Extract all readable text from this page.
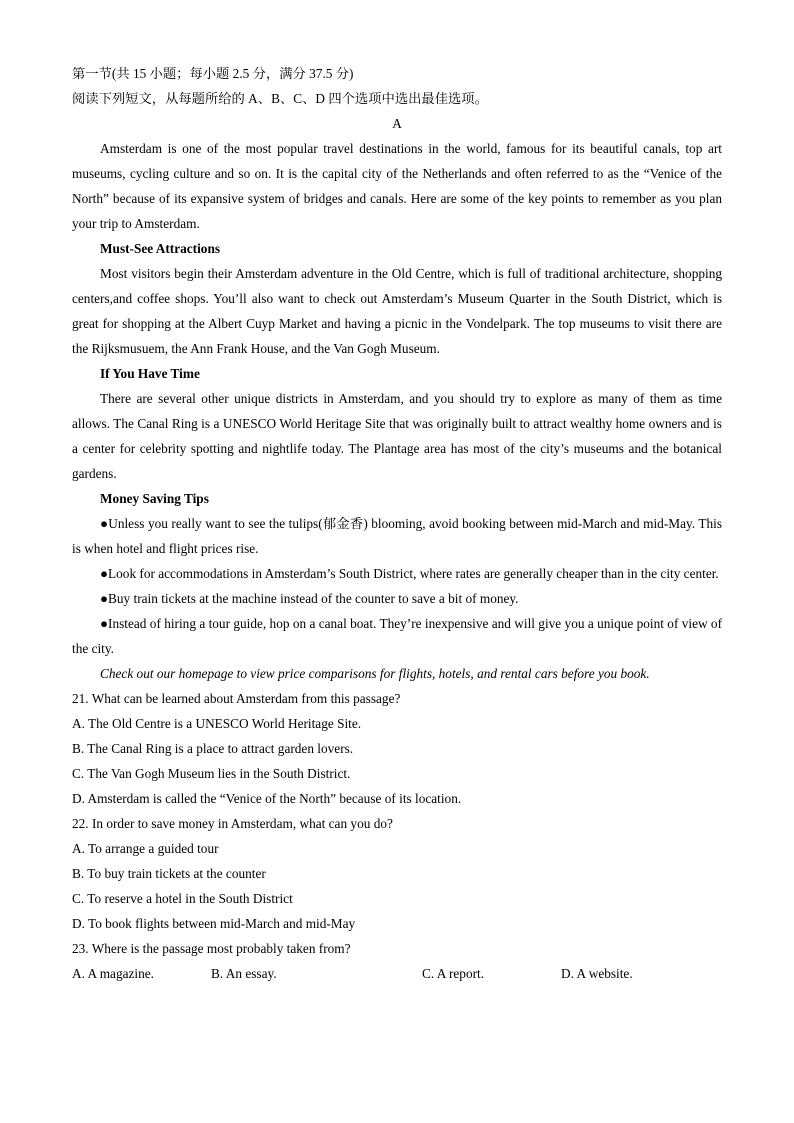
第一节(共 15 小题；每小题 2.5 分，满分 37.5 分)

阅读下列短文，从每题所给的 A、B、C、D 四个选项中选出最佳选项。

A

Amsterdam is one of the most popular travel destinations in the world, famous for its beautiful canals, top art museums, cycling culture and so on. It is the capital city of the Netherlands and often referred to as the “Venice of the North” because of its expansive system of bridges and canals. Here are some of the key points to remember as you plan your trip to Amsterdam.

Must-See Attractions

Most visitors begin their Amsterdam adventure in the Old Centre, which is full of traditional architecture, shopping centers,and coffee shops. You’ll also want to check out Amsterdam’s Museum Quarter in the South District, which is great for shopping at the Albert Cuyp Market and having a picnic in the Vondelpark. The top museums to visit there are the Rijksmusuem, the Ann Frank House, and the Van Gogh Museum.

If You Have Time

There are several other unique districts in Amsterdam, and you should try to explore as many of them as time allows. The Canal Ring is a UNESCO World Heritage Site that was originally built to attract wealthy home owners and is a center for celebrity spotting and nightlife today. The Plantage area has most of the city’s museums and the botanical gardens.

Money Saving Tips

●Unless you really want to see the tulips(郁金香) blooming, avoid booking between mid-March and mid-May. This is when hotel and flight prices rise.

●Look for accommodations in Amsterdam’s South District, where rates are generally cheaper than in the city center.

●Buy train tickets at the machine instead of the counter to save a bit of money.

●Instead of hiring a tour guide, hop on a canal boat. They’re inexpensive and will give you a unique point of view of the city.

Check out our homepage to view price comparisons for flights, hotels, and rental cars before you book.

21. What can be learned about Amsterdam from this passage?

A. The Old Centre is a UNESCO World Heritage Site.

B. The Canal Ring is a place to attract garden lovers.

C. The Van Gogh Museum lies in the South District.

D. Amsterdam is called the “Venice of the North” because of its location.

22. In order to save money in Amsterdam, what can you do?

A. To arrange a guided tour

B. To buy train tickets at the counter

C. To reserve a hotel in the South District

D. To book flights between mid-March and mid-May

23. Where is the passage most probably taken from?

A. A magazine.	B. An essay.	C. A report.	D. A website.
